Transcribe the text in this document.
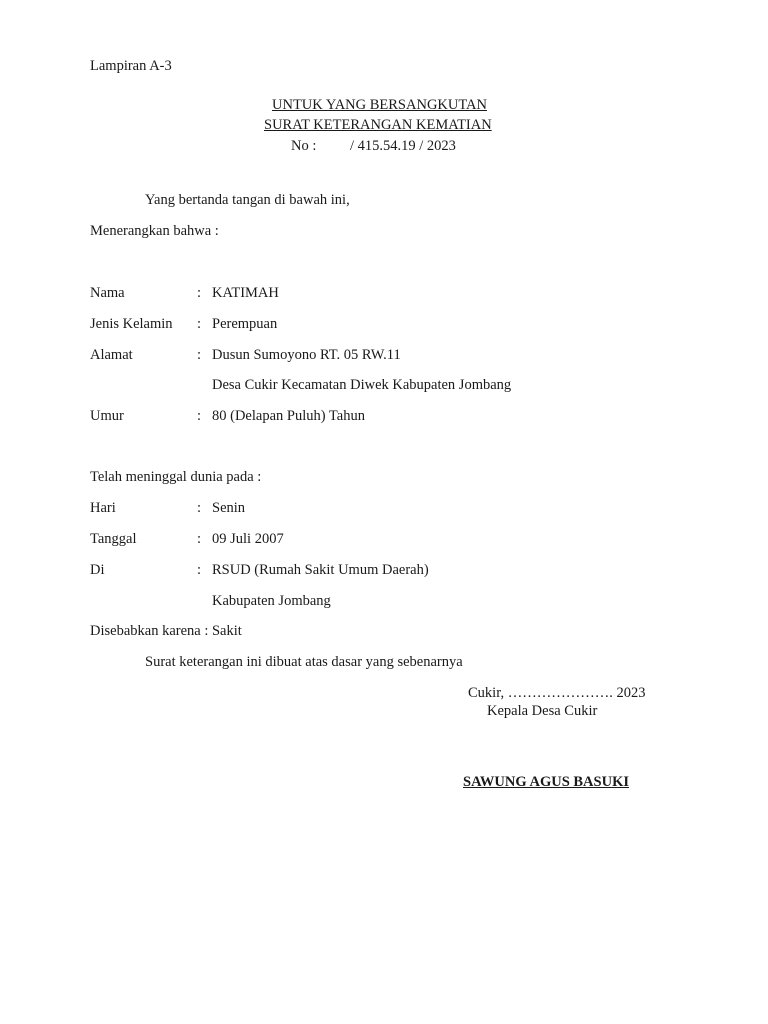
Lampiran A-3
UNTUK YANG BERSANGKUTAN
SURAT KETERANGAN KEMATIAN
No : / 415.54.19 / 2023
Yang bertanda tangan di bawah ini,
Menerangkan bahwa :
Nama	: KATIMAH
Jenis Kelamin : Perempuan
Alamat	: Dusun Sumoyono RT. 05 RW.11
Desa Cukir Kecamatan Diwek Kabupaten Jombang
Umur	: 80 (Delapan Puluh) Tahun
Telah meninggal dunia pada :
Hari	: Senin
Tanggal	: 09 Juli 2007
Di	: RSUD (Rumah Sakit Umum Daerah)
Kabupaten Jombang
Disebabkan karena : Sakit
Surat keterangan ini dibuat atas dasar yang sebenarnya
Cukir, …………………. 2023
Kepala Desa Cukir
SAWUNG AGUS BASUKI
